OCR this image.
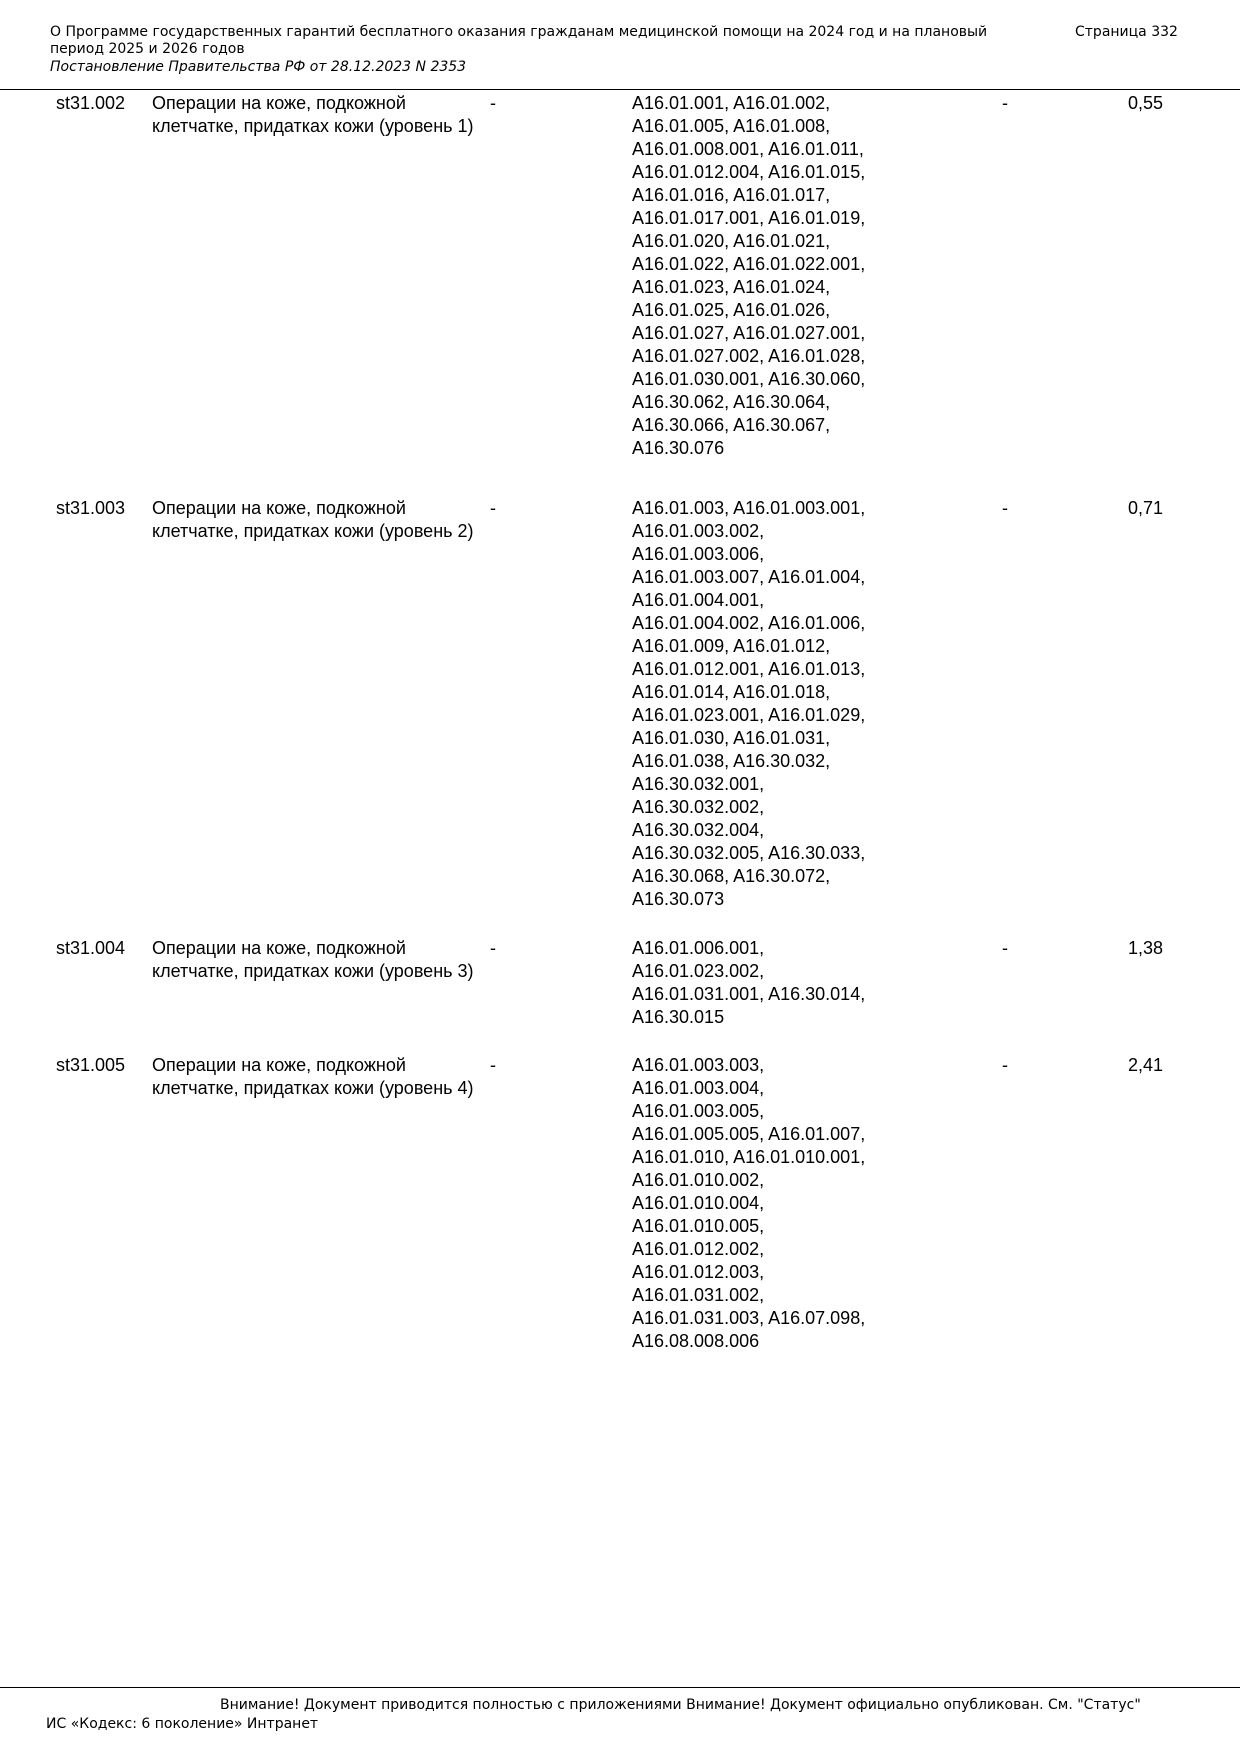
О Программе государственных гарантий бесплатного оказания гражданам медицинской помощи на 2024 год и на плановый период 2025 и 2026 годов
Страница 332
Постановление Правительства РФ от 28.12.2023 N 2353
st31.002 Операции на коже, подкожной клетчатке, придатках кожи (уровень 1)
-	A16.01.001, A16.01.002,
A16.01.005, A16.01.008,
A16.01.008.001, A16.01.011,
A16.01.012.004, A16.01.015,
A16.01.016, A16.01.017,
A16.01.017.001, A16.01.019,
A16.01.020, A16.01.021,
A16.01.022, A16.01.022.001,
A16.01.023, A16.01.024,
A16.01.025, A16.01.026,
A16.01.027, A16.01.027.001,
A16.01.027.002, A16.01.028,
A16.01.030.001, A16.30.060,
A16.30.062, A16.30.064,
A16.30.066, A16.30.067,
A16.30.076
-	0,55
st31.003 Операции на коже, подкожной клетчатке, придатках кожи (уровень 2)
-	A16.01.003, A16.01.003.001,
A16.01.003.002,
A16.01.003.006,
A16.01.003.007, A16.01.004,
A16.01.004.001,
A16.01.004.002, A16.01.006,
A16.01.009, A16.01.012,
A16.01.012.001, A16.01.013,
A16.01.014, A16.01.018,
A16.01.023.001, A16.01.029,
A16.01.030, A16.01.031,
A16.01.038, A16.30.032,
A16.30.032.001,
A16.30.032.002,
A16.30.032.004,
A16.30.032.005, A16.30.033,
A16.30.068, A16.30.072,
A16.30.073
-	0,71
st31.004 Операции на коже, подкожной клетчатке, придатках кожи (уровень 3)
-	A16.01.006.001,
A16.01.023.002,
A16.01.031.001, A16.30.014,
A16.30.015
-	1,38
st31.005 Операции на коже, подкожной клетчатке, придатках кожи (уровень 4)
-	A16.01.003.003,
A16.01.003.004,
A16.01.003.005,
A16.01.005.005, A16.01.007,
A16.01.010, A16.01.010.001,
A16.01.010.002,
A16.01.010.004,
A16.01.010.005,
A16.01.012.002,
A16.01.012.003,
A16.01.031.002,
A16.01.031.003, A16.07.098,
A16.08.008.006
-	2,41
Внимание! Документ приводится полностью с приложениями Внимание! Документ официально опубликован. См. "Статус"
ИС «Кодекс: 6 поколение» Интранет
